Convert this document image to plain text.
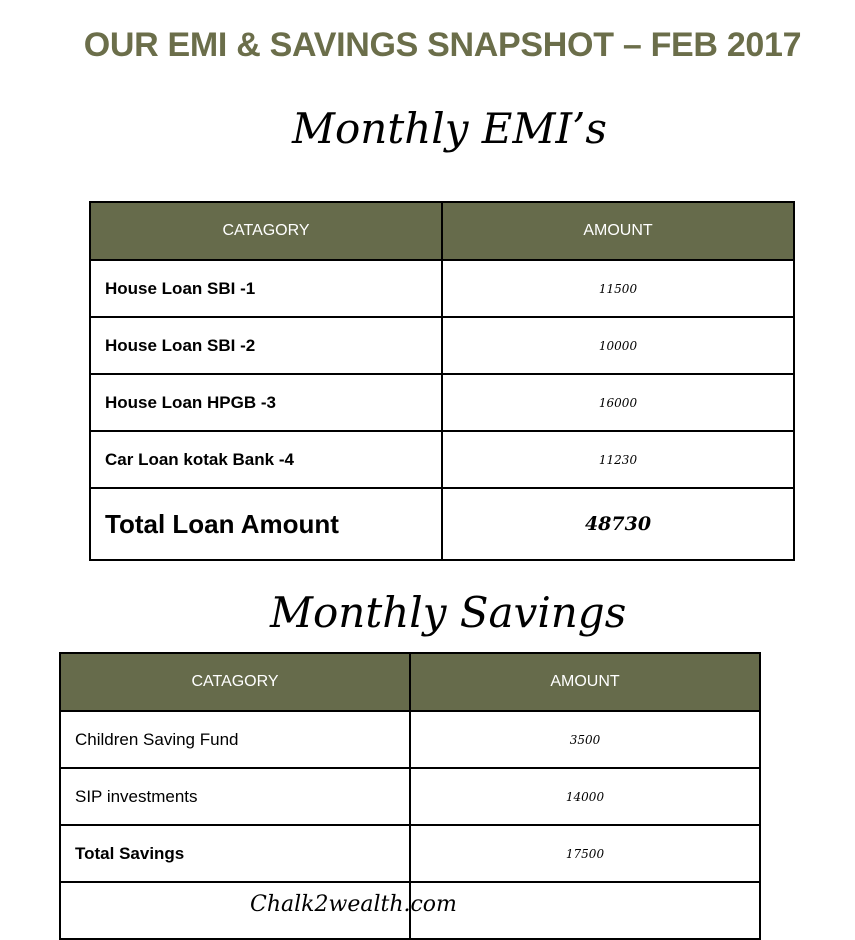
OUR EMI & SAVINGS SNAPSHOT – FEB 2017
Monthly EMI’s
CATAGORY	AMOUNT
House Loan SBI -1	11500
House Loan SBI -2	10000
House Loan HPGB -3	16000
Car Loan kotak Bank -4	11230
Total Loan Amount	48730
Monthly Savings
CATAGORY	AMOUNT
Children Saving Fund	3500
SIP investments	14000
Total Savings	17500

Chalk2wealth.com
